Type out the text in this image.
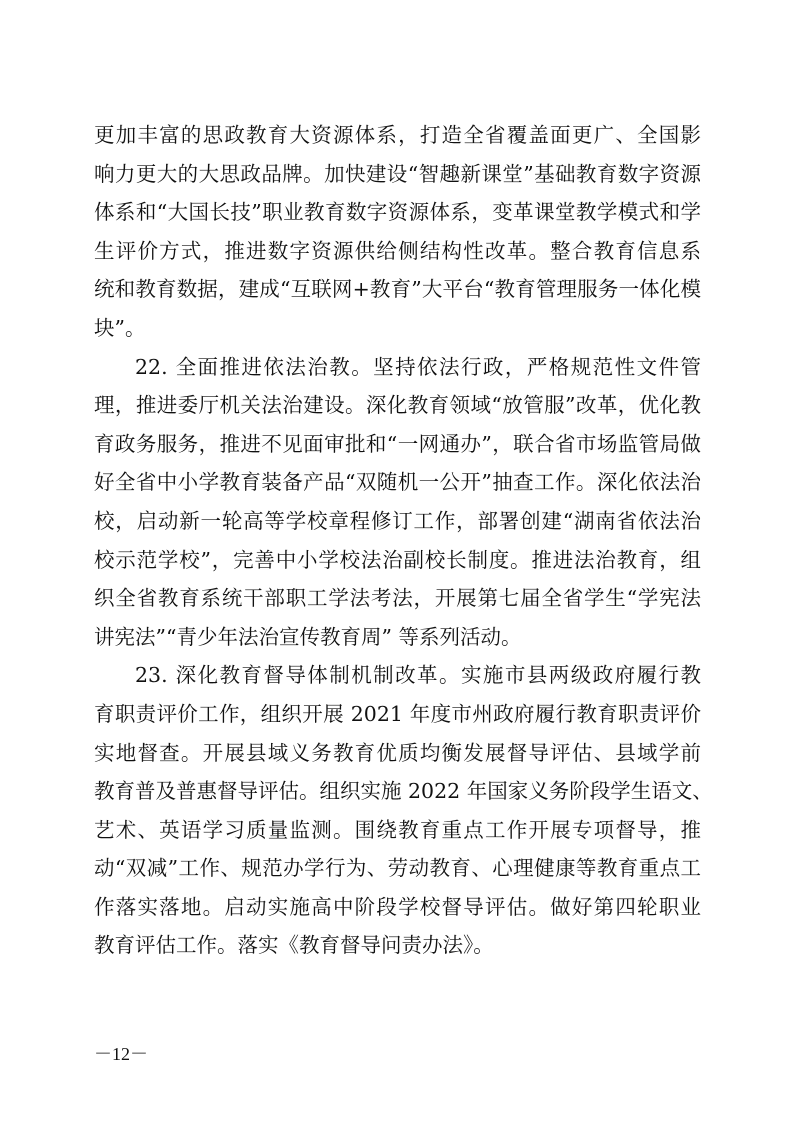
更加丰富的思政教育大资源体系，打造全省覆盖面更广、全国影
响力更大的大思政品牌。加快建设“智趣新课堂”基础教育数字资源
体系和“大国长技”职业教育数字资源体系，变革课堂教学模式和学
生评价方式，推进数字资源供给侧结构性改革。整合教育信息系
统和教育数据，建成“互联网+教育”大平台“教育管理服务一体化模
块”。
22. 全面推进依法治教。坚持依法行政，严格规范性文件管
理，推进委厅机关法治建设。深化教育领域“放管服”改革，优化教
育政务服务，推进不见面审批和“一网通办”，联合省市场监管局做
好全省中小学教育装备产品“双随机一公开”抽查工作。深化依法治
校，启动新一轮高等学校章程修订工作，部署创建“湖南省依法治
校示范学校”，完善中小学校法治副校长制度。推进法治教育，组
织全省教育系统干部职工学法考法，开展第七届全省学生“学宪法
讲宪法”“青少年法治宣传教育周” 等系列活动。
23. 深化教育督导体制机制改革。实施市县两级政府履行教
育职责评价工作，组织开展 2021 年度市州政府履行教育职责评价
实地督查。开展县域义务教育优质均衡发展督导评估、县域学前
教育普及普惠督导评估。组织实施 2022 年国家义务阶段学生语文、
艺术、英语学习质量监测。围绕教育重点工作开展专项督导，推
动“双减”工作、规范办学行为、劳动教育、心理健康等教育重点工
作落实落地。启动实施高中阶段学校督导评估。做好第四轮职业
教育评估工作。落实《教育督导问责办法》。
－12－
